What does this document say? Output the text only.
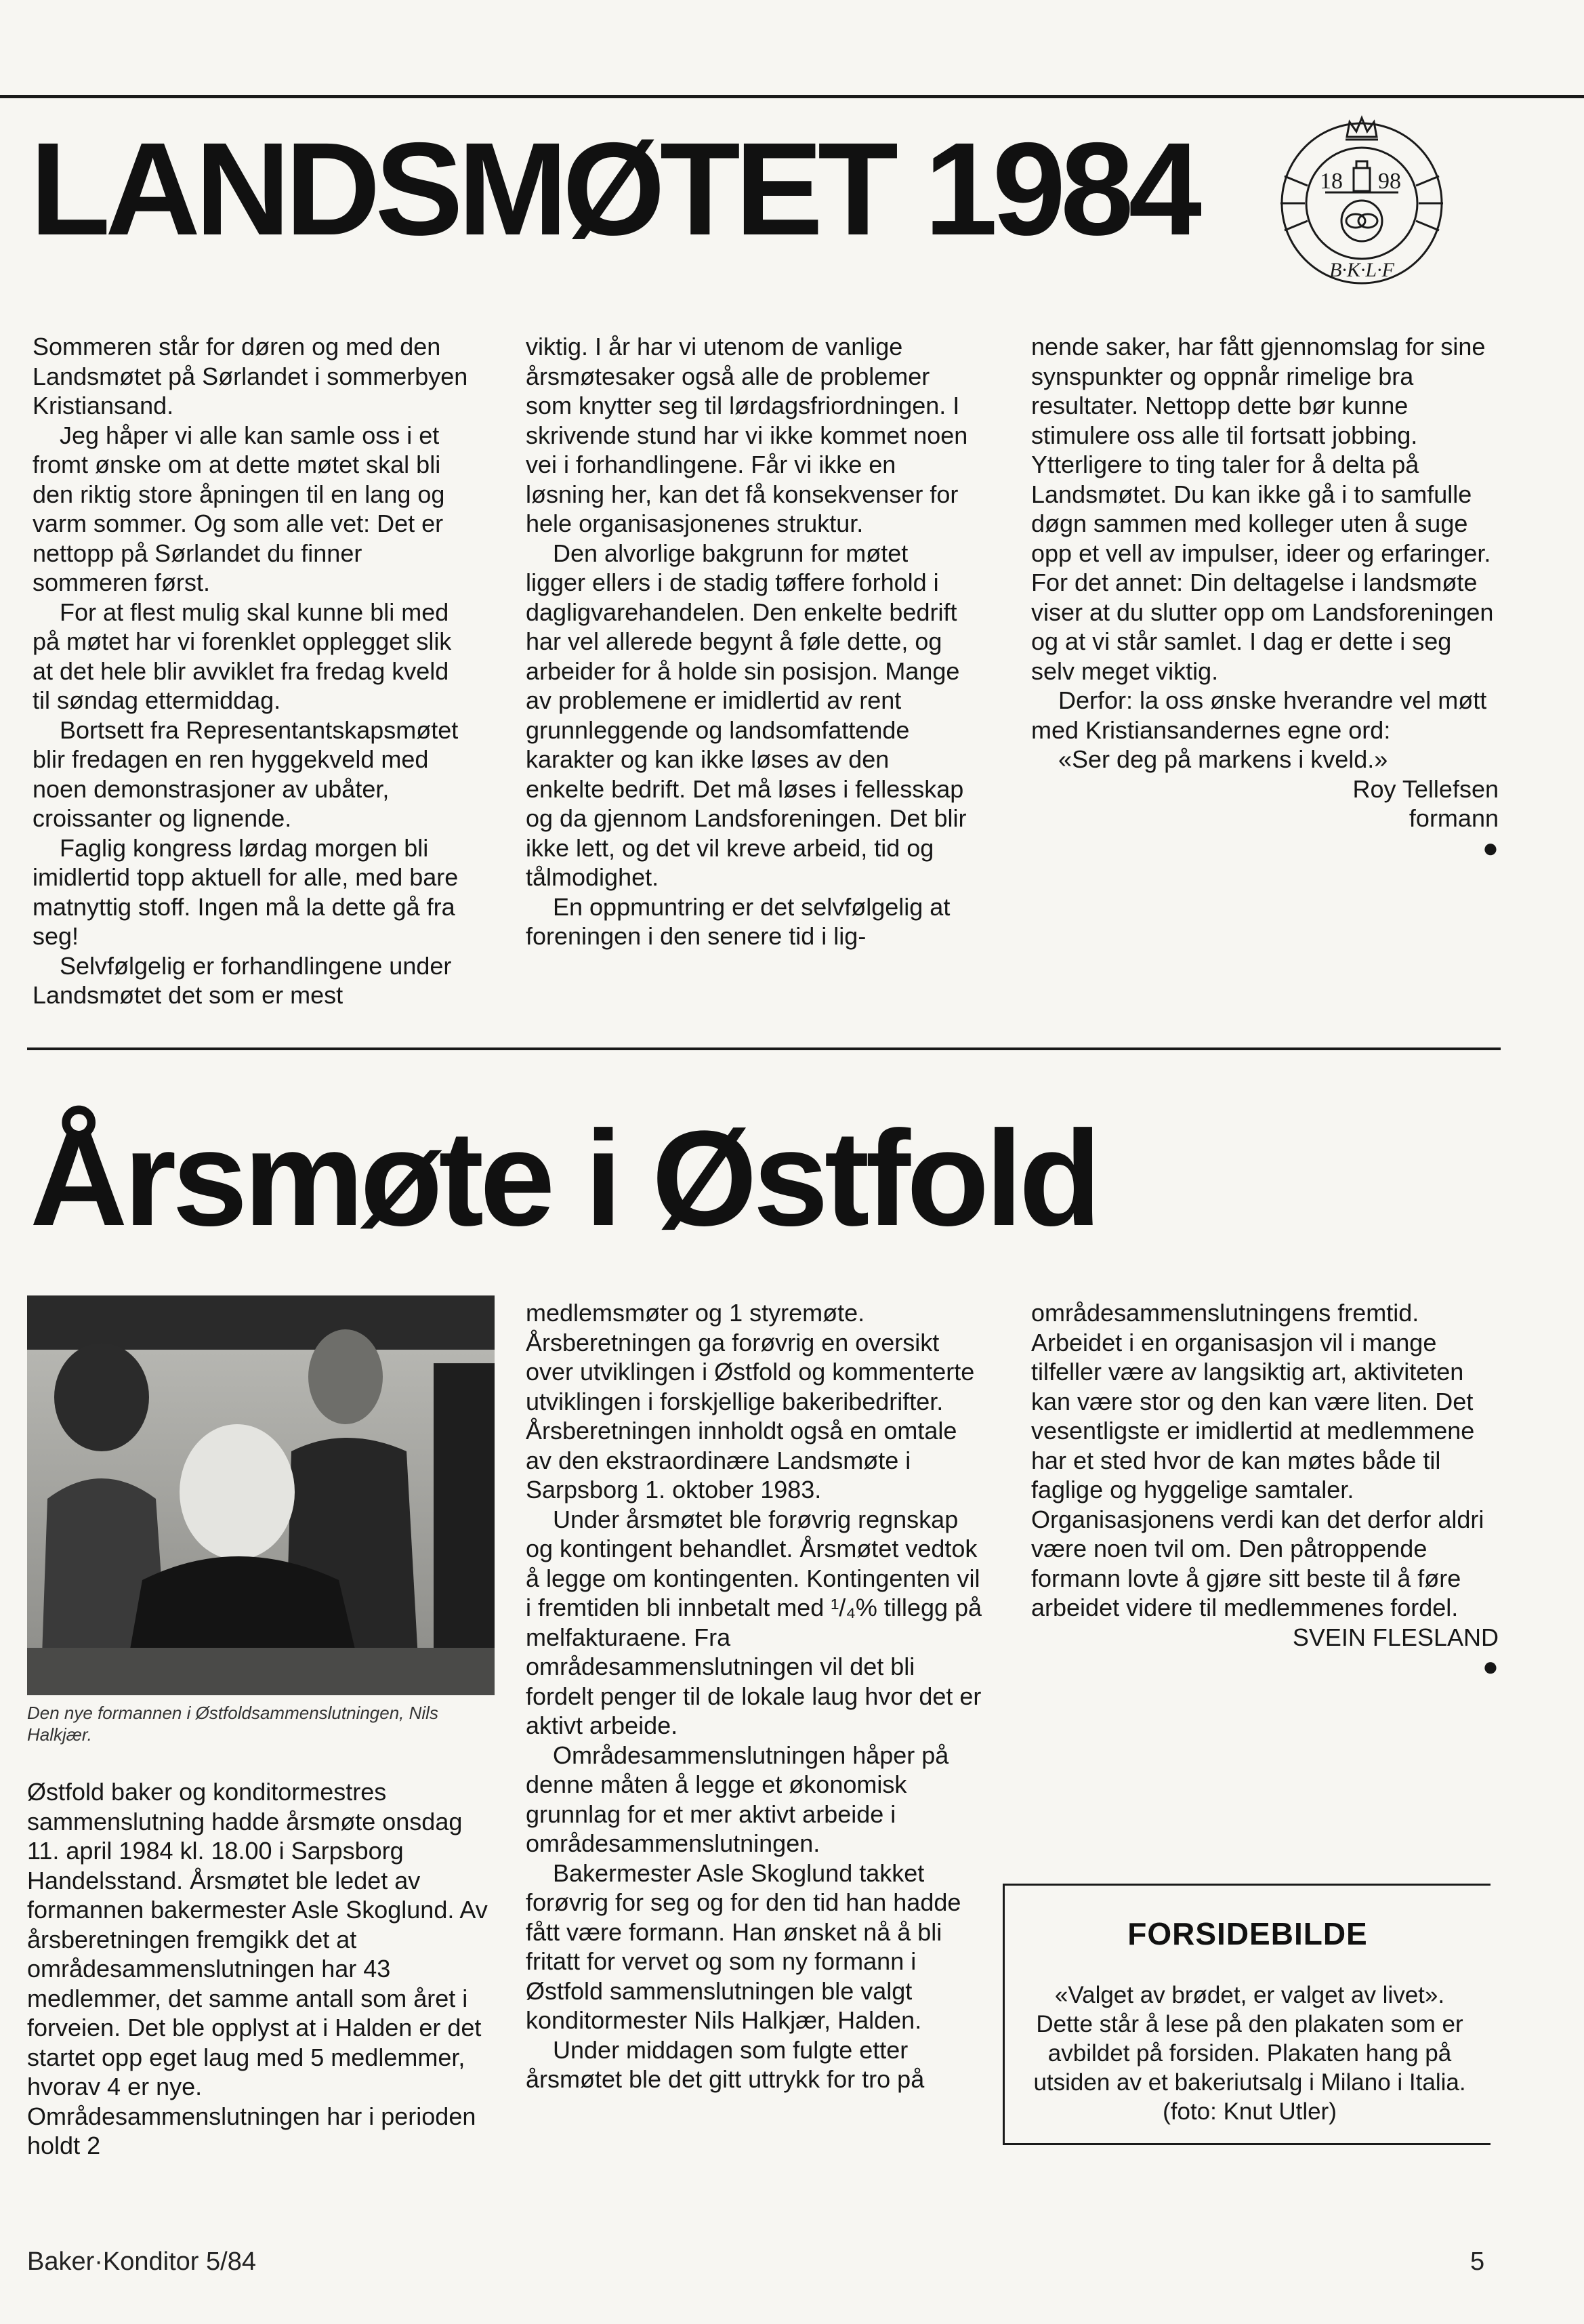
LANDSMØTET 1984	18 98
B·K·L·F

Sommeren står for døren og med den Landsmøtet på Sørlandet i sommerbyen Kristiansand.

Jeg håper vi alle kan samle oss i et fromt ønske om at dette møtet skal bli den riktig store åpningen til en lang og varm sommer. Og som alle vet: Det er nettopp på Sørlandet du finner sommeren først.

For at flest mulig skal kunne bli med på møtet har vi forenklet opplegget slik at det hele blir avviklet fra fredag kveld til søndag ettermiddag.

Bortsett fra Representantskapsmøtet blir fredagen en ren hyggekveld med noen demonstrasjoner av ubåter, croissanter og lignende.

Faglig kongress lørdag morgen bli imidlertid topp aktuell for alle, med bare matnyttig stoff. Ingen må la dette gå fra seg!

Selvfølgelig er forhandlingene under Landsmøtet det som er mest

viktig. I år har vi utenom de vanlige årsmøtesaker også alle de problemer som knytter seg til lørdagsfriordningen. I skrivende stund har vi ikke kommet noen vei i forhandlingene. Får vi ikke en løsning her, kan det få konsekvenser for hele organisasjonenes struktur.

Den alvorlige bakgrunn for møtet ligger ellers i de stadig tøffere forhold i dagligvarehandelen. Den enkelte bedrift har vel allerede begynt å føle dette, og arbeider for å holde sin posisjon. Mange av problemene er imidlertid av rent grunnleggende og landsomfattende karakter og kan ikke løses av den enkelte bedrift. Det må løses i fellesskap og da gjennom Landsforeningen. Det blir ikke lett, og det vil kreve arbeid, tid og tålmodighet.

En oppmuntring er det selvfølgelig at foreningen i den senere tid i lig-

nende saker, har fått gjennomslag for sine synspunkter og oppnår rimelige bra resultater. Nettopp dette bør kunne stimulere oss alle til fortsatt jobbing. Ytterligere to ting taler for å delta på Landsmøtet. Du kan ikke gå i to samfulle døgn sammen med kolleger uten å suge opp et vell av impulser, ideer og erfaringer. For det annet: Din deltagelse i landsmøte viser at du slutter opp om Landsforeningen og at vi står samlet. I dag er dette i seg selv meget viktig.

Derfor: la oss ønske hverandre vel møtt med Kristiansandernes egne ord:

«Ser deg på markens i kveld.»

Roy Tellefsen

formann

●

Årsmøte i Østfold

Den nye formannen i Østfoldsammenslutningen, Nils Halkjær.

Østfold baker og konditormestres sammenslutning hadde årsmøte onsdag 11. april 1984 kl. 18.00 i Sarpsborg Handelsstand. Årsmøtet ble ledet av formannen bakermester Asle Skoglund. Av årsberetningen fremgikk det at områdesammenslutningen har 43 medlemmer, det samme antall som året i forveien. Det ble opplyst at i Halden er det startet opp eget laug med 5 medlemmer, hvorav 4 er nye. Områdesammenslutningen har i perioden holdt 2

medlemsmøter og 1 styremøte. Årsberetningen ga forøvrig en oversikt over utviklingen i Østfold og kommenterte utviklingen i forskjellige bakeribedrifter. Årsberetningen innholdt også en omtale av den ekstraordinære Landsmøte i Sarpsborg 1. oktober 1983.

Under årsmøtet ble forøvrig regnskap og kontingent behandlet. Årsmøtet vedtok å legge om kontingenten. Kontingenten vil i fremtiden bli innbetalt med ¹/₄% tillegg på melfakturaene. Fra områdesammenslutningen vil det bli fordelt penger til de lokale laug hvor det er aktivt arbeide.

Områdesammenslutningen håper på denne måten å legge et økonomisk grunnlag for et mer aktivt arbeide i områdesammenslutningen.

Bakermester Asle Skoglund takket forøvrig for seg og for den tid han hadde fått være formann. Han ønsket nå å bli fritatt for vervet og som ny formann i Østfold sammenslutningen ble valgt konditormester Nils Halkjær, Halden.

Under middagen som fulgte etter årsmøtet ble det gitt uttrykk for tro på

områdesammenslutningens fremtid. Arbeidet i en organisasjon vil i mange tilfeller være av langsiktig art, aktiviteten kan være stor og den kan være liten. Det vesentligste er imidlertid at medlemmene har et sted hvor de kan møtes både til faglige og hyggelige samtaler. Organisasjonens verdi kan det derfor aldri være noen tvil om. Den påtroppende formann lovte å gjøre sitt beste til å føre arbeidet videre til medlemmenes fordel.

SVEIN FLESLAND

●

FORSIDEBILDE

«Valget av brødet, er valget av livet».

Dette står å lese på den plakaten som er avbildet på forsiden. Plakaten hang på utsiden av et bakeriutsalg i Milano i Italia. (foto: Knut Utler)

Baker·Konditor 5/84	5
